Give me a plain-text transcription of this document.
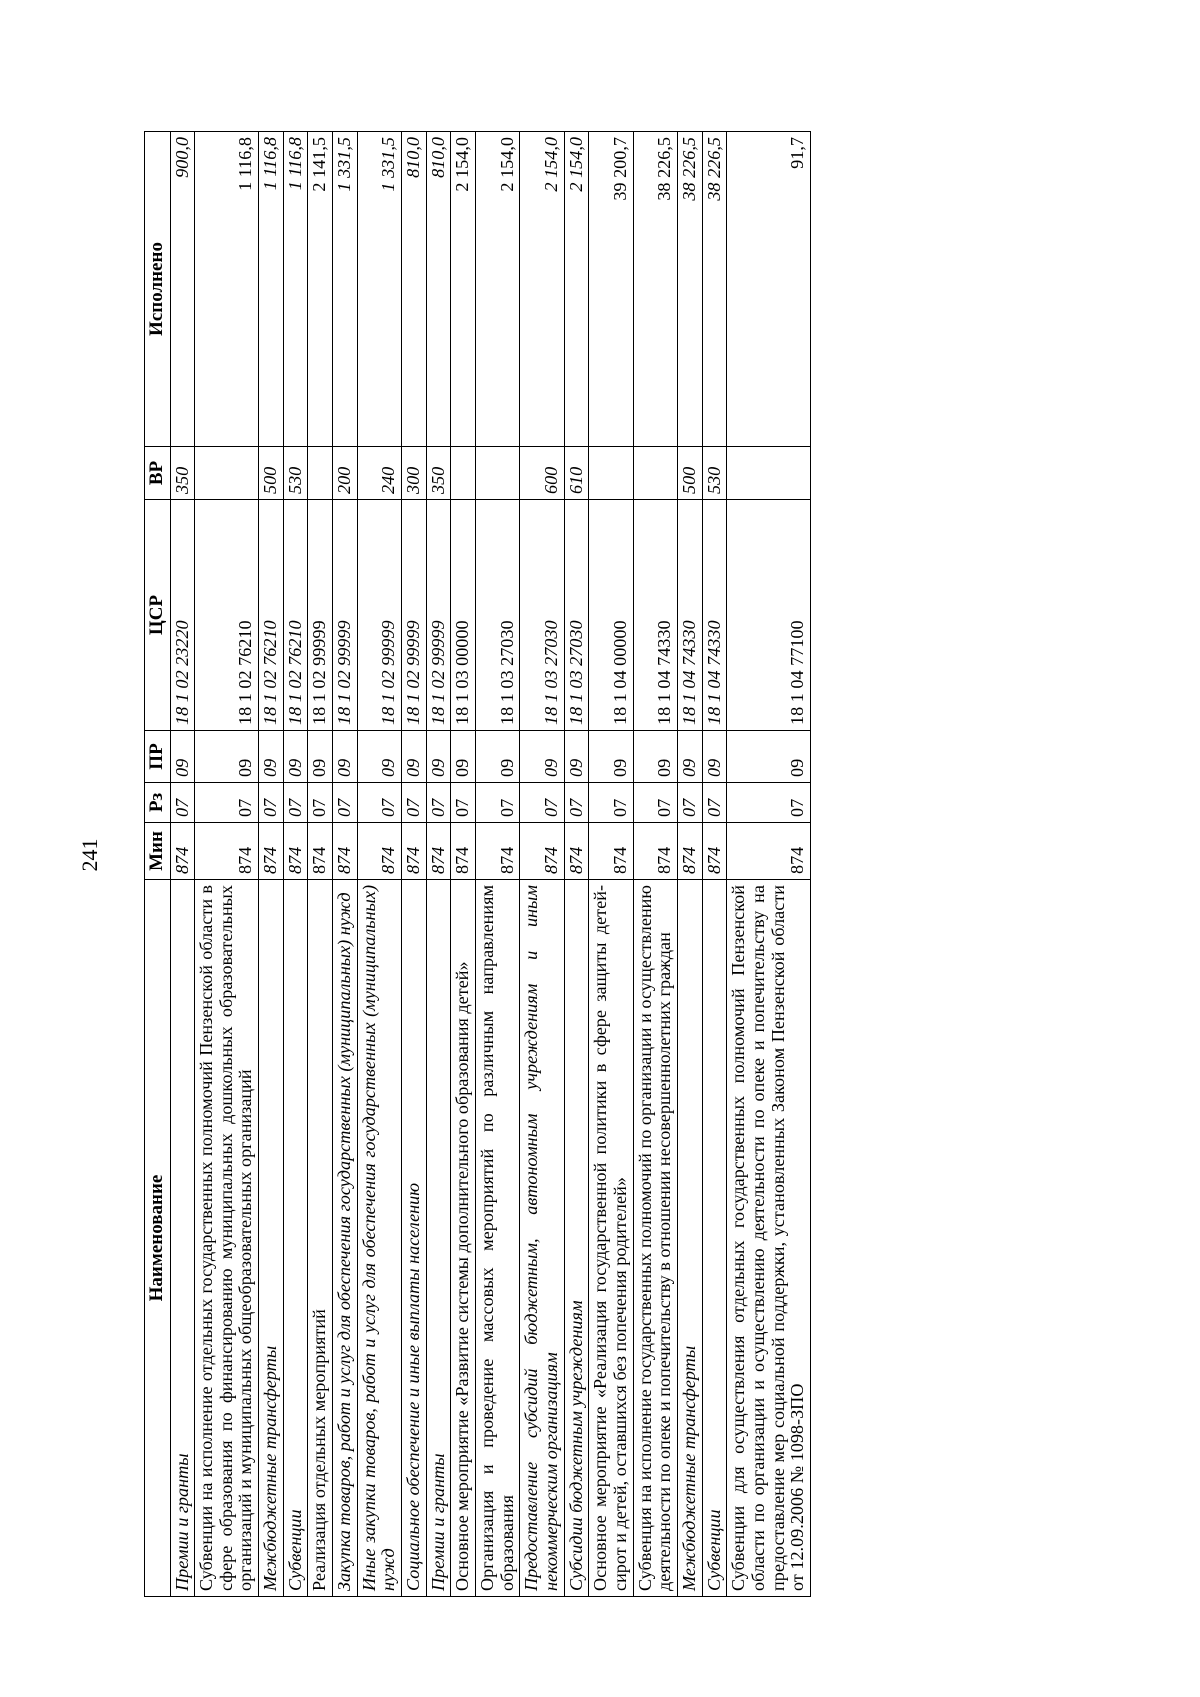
241
Наименование	Мин	Рз	ПР	ЦСР	ВР	Исполнено
Премии и гранты	874	07	09	18 1 02 23220	350	900,0
Субвенции на исполнение отдельных государственных полномочий Пензенской области в сфере образования по финансированию муниципальных дошкольных образовательных организаций и муниципальных общеобразовательных организаций	874	07	09	18 1 02 76210		1 116,8
Межбюджетные трансферты	874	07	09	18 1 02 76210	500	1 116,8
Субвенции	874	07	09	18 1 02 76210	530	1 116,8
Реализация отдельных мероприятий	874	07	09	18 1 02 99999		2 141,5
Закупка товаров, работ и услуг для обеспечения государственных (муниципальных) нужд	874	07	09	18 1 02 99999	200	1 331,5
Иные закупки товаров, работ и услуг для обеспечения государственных (муниципальных) нужд	874	07	09	18 1 02 99999	240	1 331,5
Социальное обеспечение и иные выплаты населению	874	07	09	18 1 02 99999	300	810,0
Премии и гранты	874	07	09	18 1 02 99999	350	810,0
Основное мероприятие «Развитие системы дополнительного образования детей»	874	07	09	18 1 03 00000		2 154,0
Организация и проведение массовых мероприятий по различным направлениям образования	874	07	09	18 1 03 27030		2 154,0
Предоставление субсидий бюджетным, автономным учреждениям и иным некоммерческим организациям	874	07	09	18 1 03 27030	600	2 154,0
Субсидии бюджетным учреждениям	874	07	09	18 1 03 27030	610	2 154,0
Основное мероприятие «Реализация государственной политики в сфере защиты детей-сирот и детей, оставшихся без попечения родителей»	874	07	09	18 1 04 00000		39 200,7
Субвенция на исполнение государственных полномочий по организации и осуществлению деятельности по опеке и попечительству в отношении несовершеннолетних граждан	874	07	09	18 1 04 74330		38 226,5
Межбюджетные трансферты	874	07	09	18 1 04 74330	500	38 226,5
Субвенции	874	07	09	18 1 04 74330	530	38 226,5
Субвенции для осуществления отдельных государственных полномочий Пензенской области по организации и осуществлению деятельности по опеке и попечительству на предоставление мер социальной поддержки, установленных Законом Пензенской области от 12.09.2006 № 1098-ЗПО	874	07	09	18 1 04 77100		91,7
